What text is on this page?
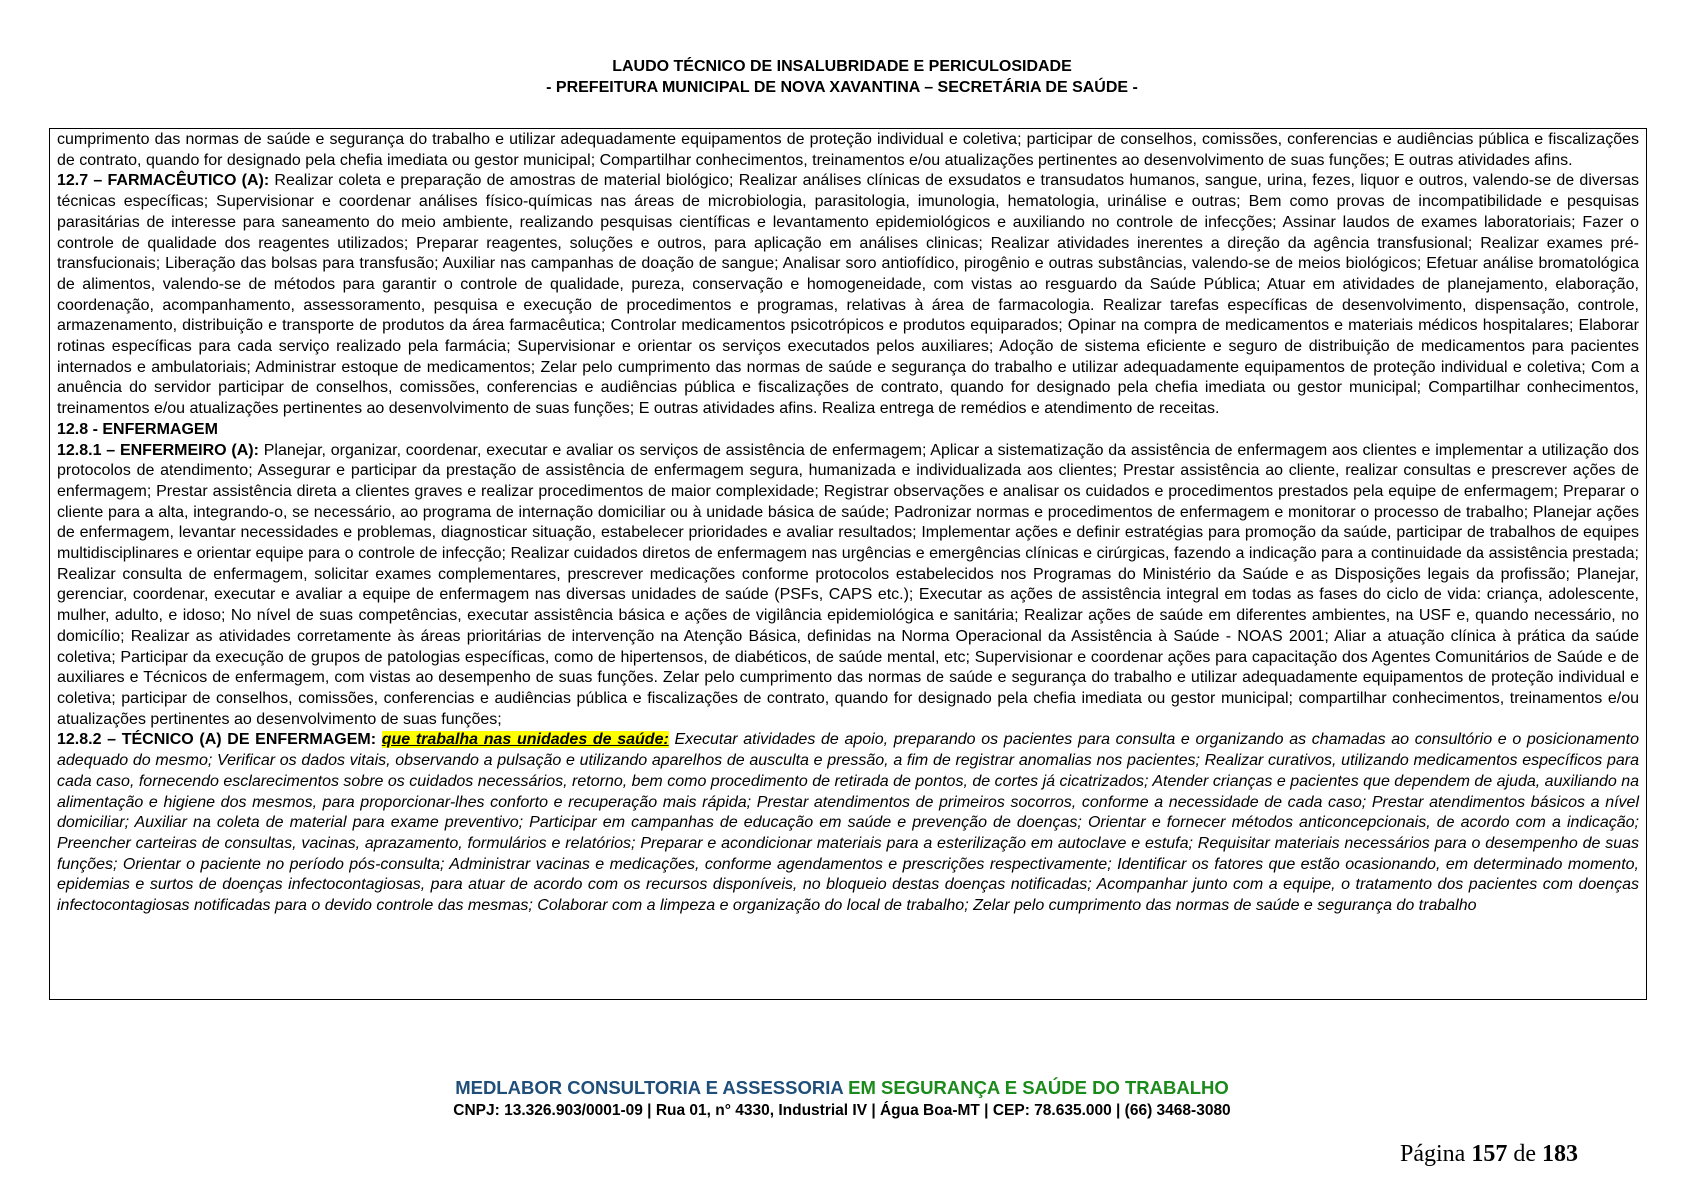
LAUDO TÉCNICO DE INSALUBRIDADE E PERICULOSIDADE
- PREFEITURA MUNICIPAL DE NOVA XAVANTINA – SECRETÁRIA DE SAÚDE -

cumprimento das normas de saúde e segurança do trabalho e utilizar adequadamente equipamentos de proteção individual e coletiva; participar de conselhos, comissões, conferencias e audiências pública e fiscalizações de contrato, quando for designado pela chefia imediata ou gestor municipal; Compartilhar conhecimentos, treinamentos e/ou atualizações pertinentes ao desenvolvimento de suas funções; E outras atividades afins.

12.7 – FARMACÊUTICO (A): Realizar coleta e preparação de amostras de material biológico; Realizar análises clínicas de exsudatos e transudatos humanos, sangue, urina, fezes, liquor e outros, valendo-se de diversas técnicas específicas; Supervisionar e coordenar análises físico-químicas nas áreas de microbiologia, parasitologia, imunologia, hematologia, urinálise e outras; Bem como provas de incompatibilidade e pesquisas parasitárias de interesse para saneamento do meio ambiente, realizando pesquisas científicas e levantamento epidemiológicos e auxiliando no controle de infecções; Assinar laudos de exames laboratoriais; Fazer o controle de qualidade dos reagentes utilizados; Preparar reagentes, soluções e outros, para aplicação em análises clinicas; Realizar atividades inerentes a direção da agência transfusional; Realizar exames pré-transfucionais; Liberação das bolsas para transfusão; Auxiliar nas campanhas de doação de sangue; Analisar soro antiofídico, pirogênio e outras substâncias, valendo-se de meios biológicos; Efetuar análise bromatológica de alimentos, valendo-se de métodos para garantir o controle de qualidade, pureza, conservação e homogeneidade, com vistas ao resguardo da Saúde Pública; Atuar em atividades de planejamento, elaboração, coordenação, acompanhamento, assessoramento, pesquisa e execução de procedimentos e programas, relativas à área de farmacologia. Realizar tarefas específicas de desenvolvimento, dispensação, controle, armazenamento, distribuição e transporte de produtos da área farmacêutica; Controlar medicamentos psicotrópicos e produtos equiparados; Opinar na compra de medicamentos e materiais médicos hospitalares; Elaborar rotinas específicas para cada serviço realizado pela farmácia; Supervisionar e orientar os serviços executados pelos auxiliares; Adoção de sistema eficiente e seguro de distribuição de medicamentos para pacientes internados e ambulatoriais; Administrar estoque de medicamentos; Zelar pelo cumprimento das normas de saúde e segurança do trabalho e utilizar adequadamente equipamentos de proteção individual e coletiva; Com a anuência do servidor participar de conselhos, comissões, conferencias e audiências pública e fiscalizações de contrato, quando for designado pela chefia imediata ou gestor municipal; Compartilhar conhecimentos, treinamentos e/ou atualizações pertinentes ao desenvolvimento de suas funções; E outras atividades afins. Realiza entrega de remédios e atendimento de receitas.

12.8 - ENFERMAGEM

12.8.1 – ENFERMEIRO (A): Planejar, organizar, coordenar, executar e avaliar os serviços de assistência de enfermagem; Aplicar a sistematização da assistência de enfermagem aos clientes e implementar a utilização dos protocolos de atendimento; Assegurar e participar da prestação de assistência de enfermagem segura, humanizada e individualizada aos clientes; Prestar assistência ao cliente, realizar consultas e prescrever ações de enfermagem; Prestar assistência direta a clientes graves e realizar procedimentos de maior complexidade; Registrar observações e analisar os cuidados e procedimentos prestados pela equipe de enfermagem; Preparar o cliente para a alta, integrando-o, se necessário, ao programa de internação domiciliar ou à unidade básica de saúde; Padronizar normas e procedimentos de enfermagem e monitorar o processo de trabalho; Planejar ações de enfermagem, levantar necessidades e problemas, diagnosticar situação, estabelecer prioridades e avaliar resultados; Implementar ações e definir estratégias para promoção da saúde, participar de trabalhos de equipes multidisciplinares e orientar equipe para o controle de infecção; Realizar cuidados diretos de enfermagem nas urgências e emergências clínicas e cirúrgicas, fazendo a indicação para a continuidade da assistência prestada; Realizar consulta de enfermagem, solicitar exames complementares, prescrever medicações conforme protocolos estabelecidos nos Programas do Ministério da Saúde e as Disposições legais da profissão; Planejar, gerenciar, coordenar, executar e avaliar a equipe de enfermagem nas diversas unidades de saúde (PSFs, CAPS etc.); Executar as ações de assistência integral em todas as fases do ciclo de vida: criança, adolescente, mulher, adulto, e idoso; No nível de suas competências, executar assistência básica e ações de vigilância epidemiológica e sanitária; Realizar ações de saúde em diferentes ambientes, na USF e, quando necessário, no domicílio; Realizar as atividades corretamente às áreas prioritárias de intervenção na Atenção Básica, definidas na Norma Operacional da Assistência à Saúde - NOAS 2001; Aliar a atuação clínica à prática da saúde coletiva; Participar da execução de grupos de patologias específicas, como de hipertensos, de diabéticos, de saúde mental, etc; Supervisionar e coordenar ações para capacitação dos Agentes Comunitários de Saúde e de auxiliares e Técnicos de enfermagem, com vistas ao desempenho de suas funções. Zelar pelo cumprimento das normas de saúde e segurança do trabalho e utilizar adequadamente equipamentos de proteção individual e coletiva; participar de conselhos, comissões, conferencias e audiências pública e fiscalizações de contrato, quando for designado pela chefia imediata ou gestor municipal; compartilhar conhecimentos, treinamentos e/ou atualizações pertinentes ao desenvolvimento de suas funções;

12.8.2 – TÉCNICO (A) DE ENFERMAGEM: que trabalha nas unidades de saúde: Executar atividades de apoio, preparando os pacientes para consulta e organizando as chamadas ao consultório e o posicionamento adequado do mesmo; Verificar os dados vitais, observando a pulsação e utilizando aparelhos de ausculta e pressão, a fim de registrar anomalias nos pacientes; Realizar curativos, utilizando medicamentos específicos para cada caso, fornecendo esclarecimentos sobre os cuidados necessários, retorno, bem como procedimento de retirada de pontos, de cortes já cicatrizados; Atender crianças e pacientes que dependem de ajuda, auxiliando na alimentação e higiene dos mesmos, para proporcionar-lhes conforto e recuperação mais rápida; Prestar atendimentos de primeiros socorros, conforme a necessidade de cada caso; Prestar atendimentos básicos a nível domiciliar; Auxiliar na coleta de material para exame preventivo; Participar em campanhas de educação em saúde e prevenção de doenças; Orientar e fornecer métodos anticoncepcionais, de acordo com a indicação; Preencher carteiras de consultas, vacinas, aprazamento, formulários e relatórios; Preparar e acondicionar materiais para a esterilização em autoclave e estufa; Requisitar materiais necessários para o desempenho de suas funções; Orientar o paciente no período pós-consulta; Administrar vacinas e medicações, conforme agendamentos e prescrições respectivamente; Identificar os fatores que estão ocasionando, em determinado momento, epidemias e surtos de doenças infectocontagiosas, para atuar de acordo com os recursos disponíveis, no bloqueio destas doenças notificadas; Acompanhar junto com a equipe, o tratamento dos pacientes com doenças infectocontagiosas notificadas para o devido controle das mesmas; Colaborar com a limpeza e organização do local de trabalho; Zelar pelo cumprimento das normas de saúde e segurança do trabalho

MEDLABOR CONSULTORIA E ASSESSORIA EM SEGURANÇA E SAÚDE DO TRABALHO
CNPJ: 13.326.903/0001-09 | Rua 01, n° 4330, Industrial IV | Água Boa-MT | CEP: 78.635.000 | (66) 3468-3080
Página 157 de 183
